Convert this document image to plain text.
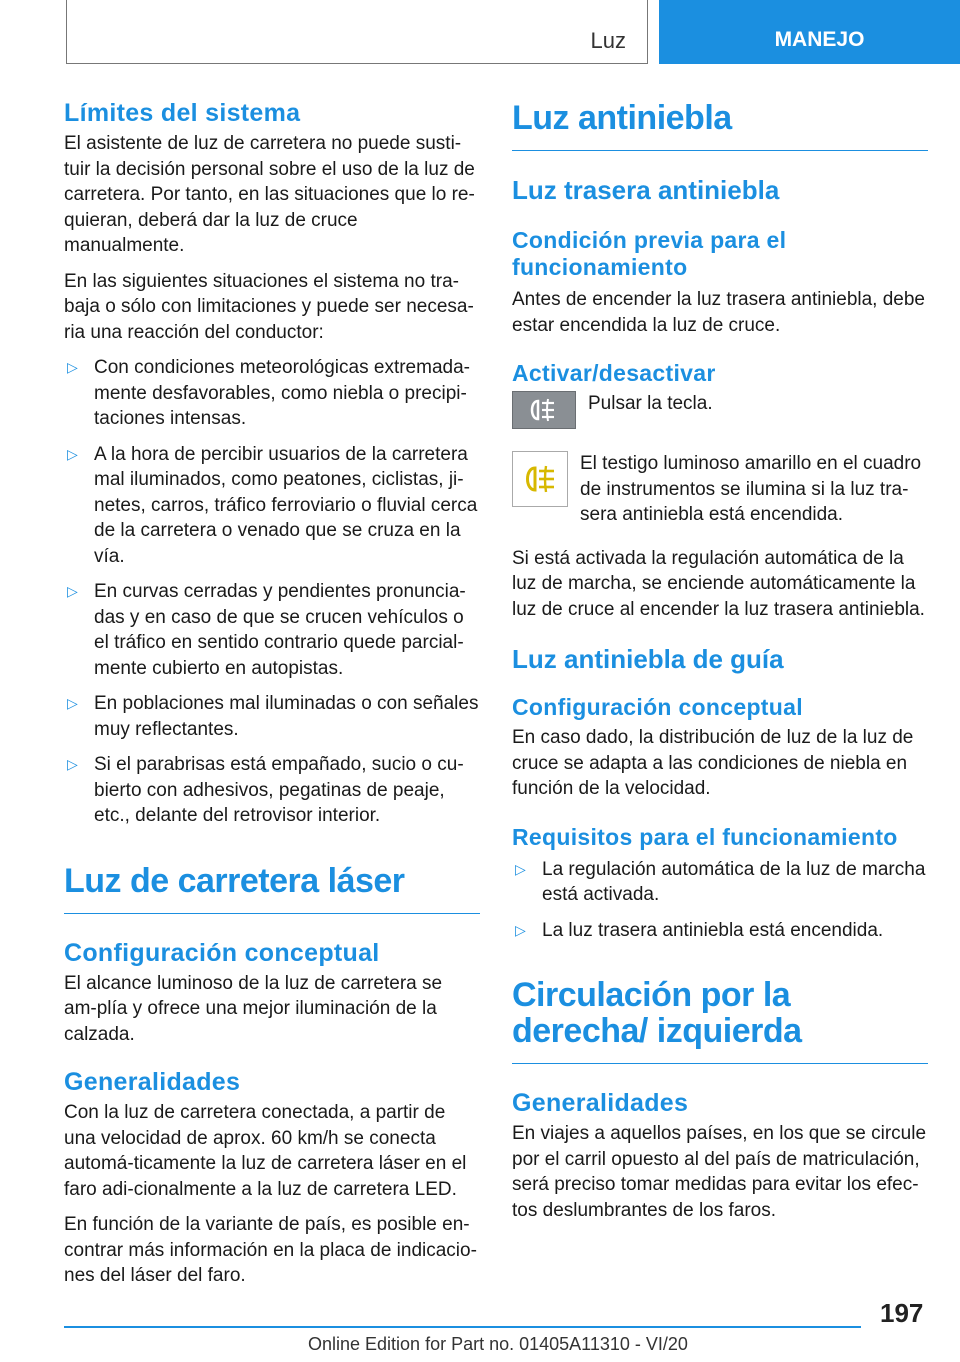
Luz	MANEJO
Límites del sistema

El asistente de luz de carretera no puede susti-tuir la decisión personal sobre el uso de la luz de carretera. Por tanto, en las situaciones que lo re-quieran, deberá dar la luz de cruce manualmente.

En las siguientes situaciones el sistema no tra-baja o sólo con limitaciones y puede ser necesa-ria una reacción del conductor:

▷ Con condiciones meteorológicas extremada-mente desfavorables, como niebla o precipi-taciones intensas.
▷ A la hora de percibir usuarios de la carretera mal iluminados, como peatones, ciclistas, ji-netes, carros, tráfico ferroviario o fluvial cerca de la carretera o venado que se cruza en la vía.
▷ En curvas cerradas y pendientes pronuncia-das y en caso de que se crucen vehículos o el tráfico en sentido contrario quede parcial-mente cubierto en autopistas.
▷ En poblaciones mal iluminadas o con señales muy reflectantes.
▷ Si el parabrisas está empañado, sucio o cu-bierto con adhesivos, pegatinas de peaje, etc., delante del retrovisor interior.
Luz de carretera láser
Configuración conceptual

El alcance luminoso de la luz de carretera se am-plía y ofrece una mejor iluminación de la calzada.

Generalidades

Con la luz de carretera conectada, a partir de una velocidad de aprox. 60 km/h se conecta automá-ticamente la luz de carretera láser en el faro adi-cionalmente a la luz de carretera LED.

En función de la variante de país, es posible en-contrar más información en la placa de indicacio-nes del láser del faro.

Luz antiniebla
Luz trasera antiniebla
Condición previa para el funcionamiento

Antes de encender la luz trasera antiniebla, debe estar encendida la luz de cruce.

Activar/desactivar
Pulsar la tecla.
El testigo luminoso amarillo en el cuadro de instrumentos se ilumina si la luz tra-sera antiniebla está encendida.

Si está activada la regulación automática de la luz de marcha, se enciende automáticamente la luz de cruce al encender la luz trasera antiniebla.

Luz antiniebla de guía
Configuración conceptual

En caso dado, la distribución de luz de la luz de cruce se adapta a las condiciones de niebla en función de la velocidad.

Requisitos para el funcionamiento
▷ La regulación automática de la luz de marcha está activada.
▷ La luz trasera antiniebla está encendida.
Circulación por la derecha/ izquierda
Generalidades

En viajes a aquellos países, en los que se circule por el carril opuesto al del país de matriculación, será preciso tomar medidas para evitar los efec-tos deslumbrantes de los faros.

197
Online Edition for Part no. 01405A11310 - VI/20
